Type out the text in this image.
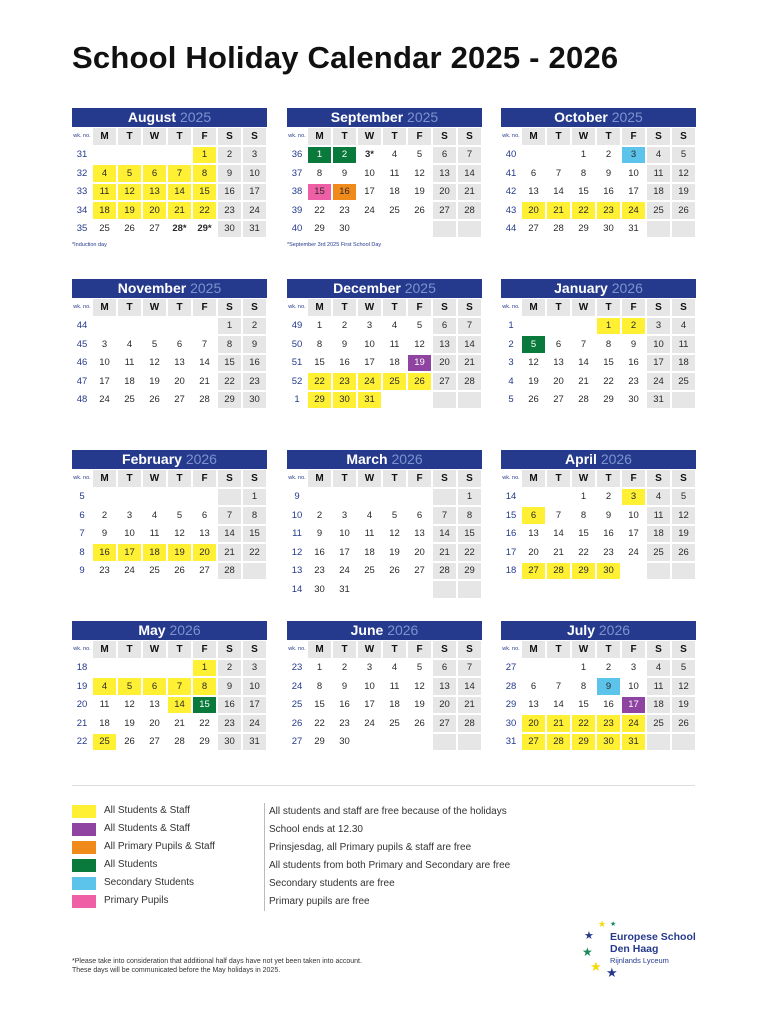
School Holiday Calendar 2025 - 2026
August 2025
wk. no.	M	T	W	T	F	S	S
31					1	2	3
32	4	5	6	7	8	9	10
33	11	12	13	14	15	16	17
34	18	19	20	21	22	23	24
35	25	26	27	28*	29*	30	31
*Induction day
September 2025
wk. no.	M	T	W	T	F	S	S
36	1	2	3*	4	5	6	7
37	8	9	10	11	12	13	14
38	15	16	17	18	19	20	21
39	22	23	24	25	26	27	28
40	29	30					
*September 3rd 2025 First School Day
October 2025
wk. no.	M	T	W	T	F	S	S
40			1	2	3	4	5
41	6	7	8	9	10	11	12
42	13	14	15	16	17	18	19
43	20	21	22	23	24	25	26
44	27	28	29	30	31		
November 2025
wk. no.	M	T	W	T	F	S	S
44						1	2
45	3	4	5	6	7	8	9
46	10	11	12	13	14	15	16
47	17	18	19	20	21	22	23
48	24	25	26	27	28	29	30
December 2025
wk. no.	M	T	W	T	F	S	S
49	1	2	3	4	5	6	7
50	8	9	10	11	12	13	14
51	15	16	17	18	19	20	21
52	22	23	24	25	26	27	28
1	29	30	31				
January 2026
wk. no.	M	T	W	T	F	S	S
1				1	2	3	4
2	5	6	7	8	9	10	11
3	12	13	14	15	16	17	18
4	19	20	21	22	23	24	25
5	26	27	28	29	30	31	
February 2026
wk. no.	M	T	W	T	F	S	S
5							1
6	2	3	4	5	6	7	8
7	9	10	11	12	13	14	15
8	16	17	18	19	20	21	22
9	23	24	25	26	27	28	
March 2026
wk. no.	M	T	W	T	F	S	S
9							1
10	2	3	4	5	6	7	8
11	9	10	11	12	13	14	15
12	16	17	18	19	20	21	22
13	23	24	25	26	27	28	29
14	30	31					
April 2026
wk. no.	M	T	W	T	F	S	S
14			1	2	3	4	5
15	6	7	8	9	10	11	12
16	13	14	15	16	17	18	19
17	20	21	22	23	24	25	26
18	27	28	29	30			
May 2026
wk. no.	M	T	W	T	F	S	S
18					1	2	3
19	4	5	6	7	8	9	10
20	11	12	13	14	15	16	17
21	18	19	20	21	22	23	24
22	25	26	27	28	29	30	31
June 2026
wk. no.	M	T	W	T	F	S	S
23	1	2	3	4	5	6	7
24	8	9	10	11	12	13	14
25	15	16	17	18	19	20	21
26	22	23	24	25	26	27	28
27	29	30					
July 2026
wk. no.	M	T	W	T	F	S	S
27			1	2	3	4	5
28	6	7	8	9	10	11	12
29	13	14	15	16	17	18	19
30	20	21	22	23	24	25	26
31	27	28	29	30	31		
All Students & Staff	All students and staff are free because of the holidays
All Students & Staff	School ends at 12.30
All Primary Pupils & Staff	Prinsjesdag, all Primary pupils & staff are free
All Students	All students from both Primary and Secondary are free
Secondary Students	Secondary students are free
Primary Pupils	Primary pupils are free
*Please take into consideration that additional half days have not yet been taken into account. These days will be communicated before the May holidays in 2025.
★ ★
★
★
★ ★
Europese School
Den Haag
Rijnlands Lyceum
